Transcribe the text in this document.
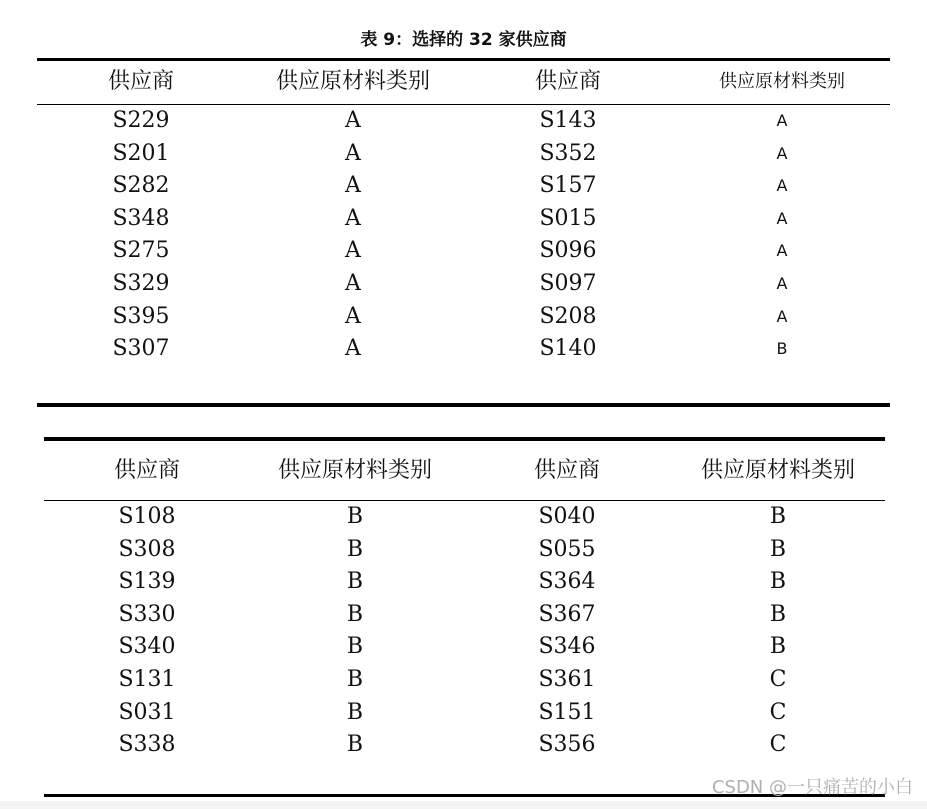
表 9：选择的 32 家供应商
供应商	供应原材料类别	供应商	供应原材料类别
S229	A	S143	A
S201	A	S352	A
S282	A	S157	A
S348	A	S015	A
S275	A	S096	A
S329	A	S097	A
S395	A	S208	A
S307	A	S140	B
供应商	供应原材料类别	供应商	供应原材料类别
S108	B	S040	B
S308	B	S055	B
S139	B	S364	B
S330	B	S367	B
S340	B	S346	B
S131	B	S361	C
S031	B	S151	C
S338	B	S356	C
CSDN @一只痛苦的小白
